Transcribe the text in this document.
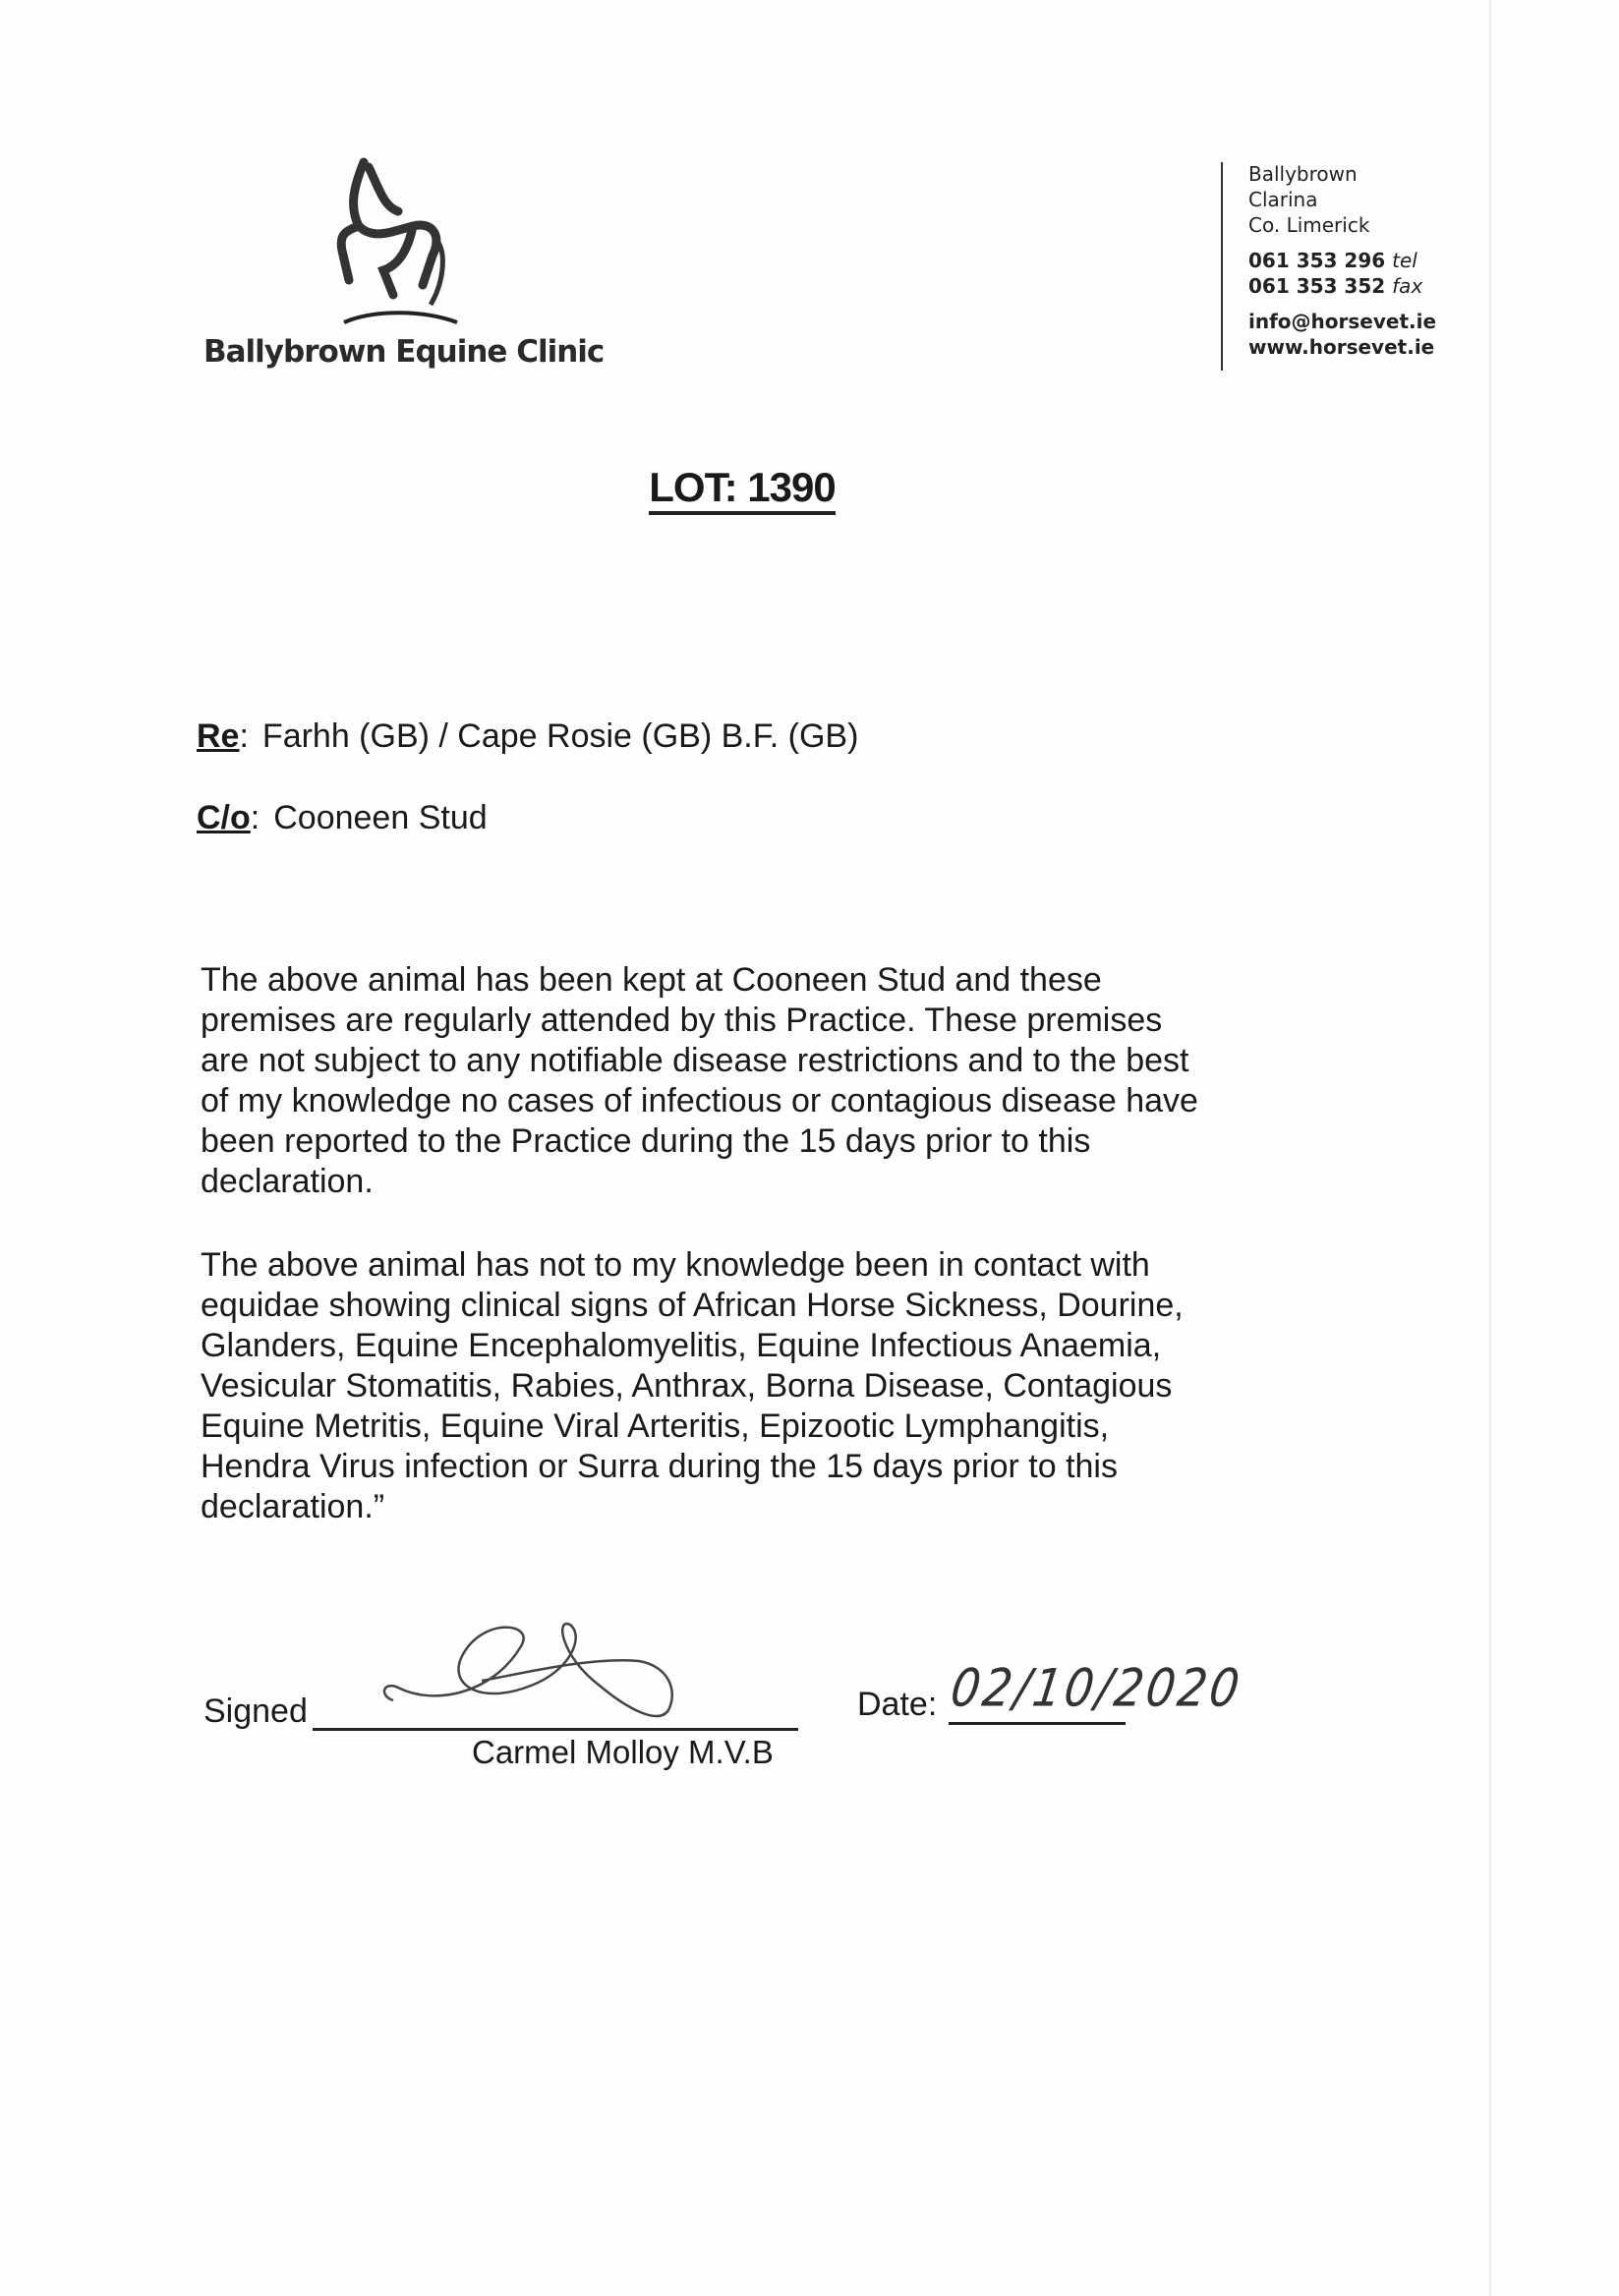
Ballybrown Equine Clinic
Ballybrown
Clarina
Co. Limerick
061 353 296 tel
061 353 352 fax
info@horsevet.ie
www.horsevet.ie
LOT: 1390
Re: Farhh (GB) / Cape Rosie (GB) B.F. (GB)
C/o: Cooneen Stud
The above animal has been kept at Cooneen Stud and these
premises are regularly attended by this Practice. These premises
are not subject to any notifiable disease restrictions and to the best
of my knowledge no cases of infectious or contagious disease have
been reported to the Practice during the 15 days prior to this
declaration.
The above animal has not to my knowledge been in contact with
equidae showing clinical signs of African Horse Sickness, Dourine,
Glanders, Equine Encephalomyelitis, Equine Infectious Anaemia,
Vesicular Stomatitis, Rabies, Anthrax, Borna Disease, Contagious
Equine Metritis, Equine Viral Arteritis, Epizootic Lymphangitis,
Hendra Virus infection or Surra during the 15 days prior to this
declaration.”
Signed
Carmel Molloy M.V.B
Date: 02/10/2020
